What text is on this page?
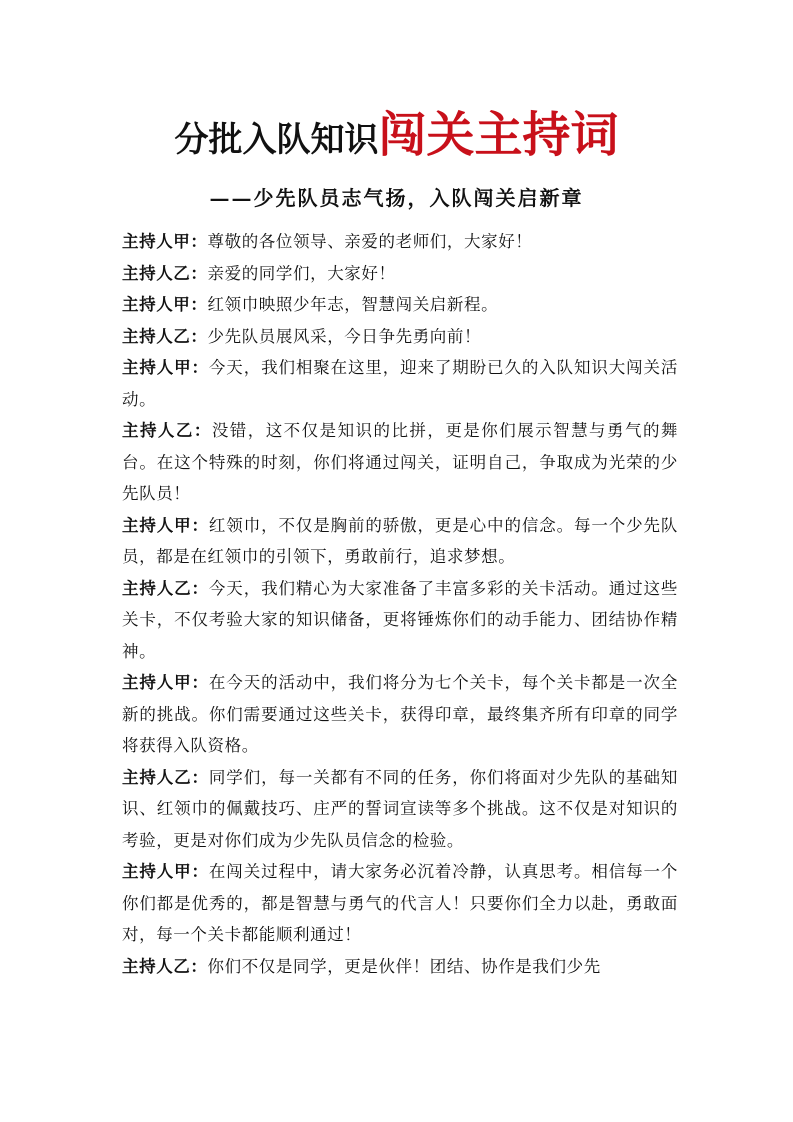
分批入队知识闯关主持词
——少先队员志气扬，入队闯关启新章

主持人甲：尊敬的各位领导、亲爱的老师们，大家好！

主持人乙：亲爱的同学们，大家好！

主持人甲：红领巾映照少年志，智慧闯关启新程。

主持人乙：少先队员展风采，今日争先勇向前！

主持人甲：今天，我们相聚在这里，迎来了期盼已久的入队知识大闯关活动。

主持人乙：没错，这不仅是知识的比拼，更是你们展示智慧与勇气的舞台。在这个特殊的时刻，你们将通过闯关，证明自己，争取成为光荣的少先队员！

主持人甲：红领巾，不仅是胸前的骄傲，更是心中的信念。每一个少先队员，都是在红领巾的引领下，勇敢前行，追求梦想。

主持人乙：今天，我们精心为大家准备了丰富多彩的关卡活动。通过这些关卡，不仅考验大家的知识储备，更将锤炼你们的动手能力、团结协作精神。

主持人甲：在今天的活动中，我们将分为七个关卡，每个关卡都是一次全新的挑战。你们需要通过这些关卡，获得印章，最终集齐所有印章的同学将获得入队资格。

主持人乙：同学们，每一关都有不同的任务，你们将面对少先队的基础知识、红领巾的佩戴技巧、庄严的誓词宣读等多个挑战。这不仅是对知识的考验，更是对你们成为少先队员信念的检验。

主持人甲：在闯关过程中，请大家务必沉着冷静，认真思考。相信每一个你们都是优秀的，都是智慧与勇气的代言人！只要你们全力以赴，勇敢面对，每一个关卡都能顺利通过！

主持人乙：你们不仅是同学，更是伙伴！团结、协作是我们少先
